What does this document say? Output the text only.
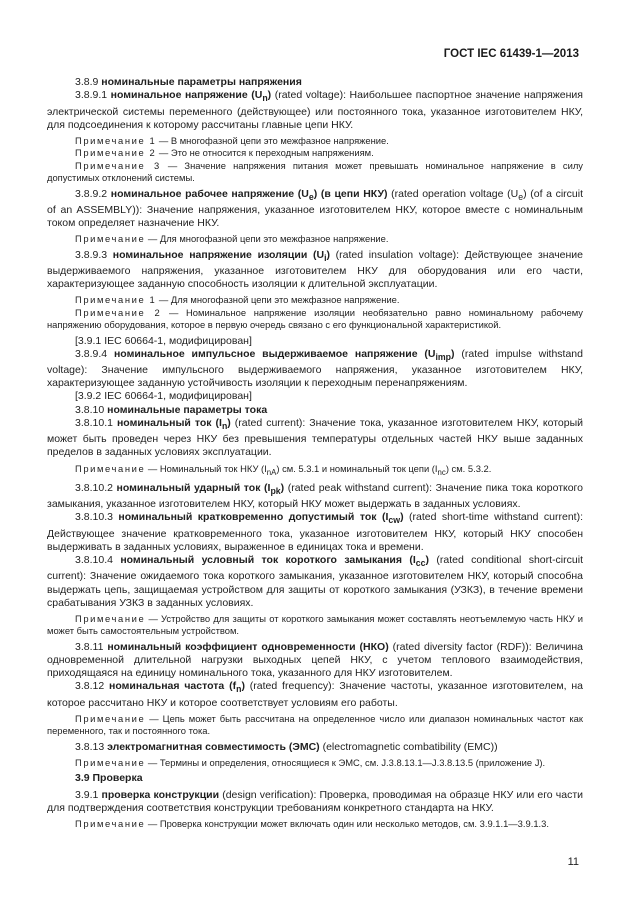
ГОСТ IEC 61439-1—2013

3.8.9 номинальные параметры напряжения

3.8.9.1 номинальное напряжение $(U_n)$ (rated voltage): Наибольшее паспортное значение напряжения электрической системы переменного (действующее) или постоянного тока, указанное изготовителем НКУ, для подсоединения к которому рассчитаны главные цепи НКУ.

Примечание 1 — В многофазной цепи это межфазное напряжение.

Примечание 2 — Это не относится к переходным напряжениям.

Примечание 3 — Значение напряжения питания может превышать номинальное напряжение в силу допустимых отклонений системы.

3.8.9.2 номинальное рабочее напряжение $(U_e)$ (в цепи НКУ) (rated operation voltage $(U_e)$ (of a circuit of an ASSEMBLY)): Значение напряжения, указанное изготовителем НКУ, которое вместе с номинальным током определяет назначение НКУ.

Примечание — Для многофазной цепи это межфазное напряжение.

3.8.9.3 номинальное напряжение изоляции $(U_i)$ (rated insulation voltage): Действующее значение выдерживаемого напряжения, указанное изготовителем НКУ для оборудования или его части, характеризующее заданную способность изоляции к длительной эксплуатации.

Примечание 1 — Для многофазной цепи это межфазное напряжение.

Примечание 2 — Номинальное напряжение изоляции необязательно равно номинальному рабочему напряжению оборудования, которое в первую очередь связано с его функциональной характеристикой.

[3.9.1 IEC 60664-1, модифицирован]

3.8.9.4 номинальное импульсное выдерживаемое напряжение $(U_{imp})$ (rated impulse withstand voltage): Значение импульсного выдерживаемого напряжения, указанное изготовителем НКУ, характеризующее заданную устойчивость изоляции к переходным перенапряжениям.

[3.9.2 IEC 60664-1, модифицирован]

3.8.10 номинальные параметры тока

3.8.10.1 номинальный ток $(I_n)$ (rated current): Значение тока, указанное изготовителем НКУ, который может быть проведен через НКУ без превышения температуры отдельных частей НКУ выше заданных пределов в заданных условиях эксплуатации.

Примечание — Номинальный ток НКУ $(I_{nA})$ см. 5.3.1 и номинальный ток цепи $(I_{nc})$ см. 5.3.2.

3.8.10.2 номинальный ударный ток $(I_{pk})$ (rated peak withstand current): Значение пика тока короткого замыкания, указанное изготовителем НКУ, который НКУ может выдержать в заданных условиях.

3.8.10.3 номинальный кратковременно допустимый ток $(I_{cw})$ (rated short-time withstand current): Действующее значение кратковременного тока, указанное изготовителем НКУ, который НКУ способен выдерживать в заданных условиях, выраженное в единицах тока и времени.

3.8.10.4 номинальный условный ток короткого замыкания $(I_{cc})$ (rated conditional short-circuit current): Значение ожидаемого тока короткого замыкания, указанное изготовителем НКУ, который способна выдержать цепь, защищаемая устройством для защиты от короткого замыкания (УЗКЗ), в течение времени срабатывания УЗКЗ в заданных условиях.

Примечание — Устройство для защиты от короткого замыкания может составлять неотъемлемую часть НКУ и может быть самостоятельным устройством.

3.8.11 номинальный коэффициент одновременности (НКО) (rated diversity factor (RDF)): Величина одновременной длительной нагрузки выходных цепей НКУ, с учетом теплового взаимодействия, приходящаяся на единицу номинального тока, указанного для НКУ изготовителем.

3.8.12 номинальная частота $(f_n)$ (rated frequency): Значение частоты, указанное изготовителем, на которое рассчитано НКУ и которое соответствует условиям его работы.

Примечание — Цепь может быть рассчитана на определенное число или диапазон номинальных частот как переменного, так и постоянного тока.

3.8.13 электромагнитная совместимость (ЭМС) (electromagnetic combatibility (EMC))

Примечание — Термины и определения, относящиеся к ЭМС, см. J.3.8.13.1—J.3.8.13.5 (приложение J).

3.9 Проверка

3.9.1 проверка конструкции (design verification): Проверка, проводимая на образце НКУ или его части для подтверждения соответствия конструкции требованиям конкретного стандарта на НКУ.

Примечание — Проверка конструкции может включать один или несколько методов, см. 3.9.1.1—3.9.1.3.

11
